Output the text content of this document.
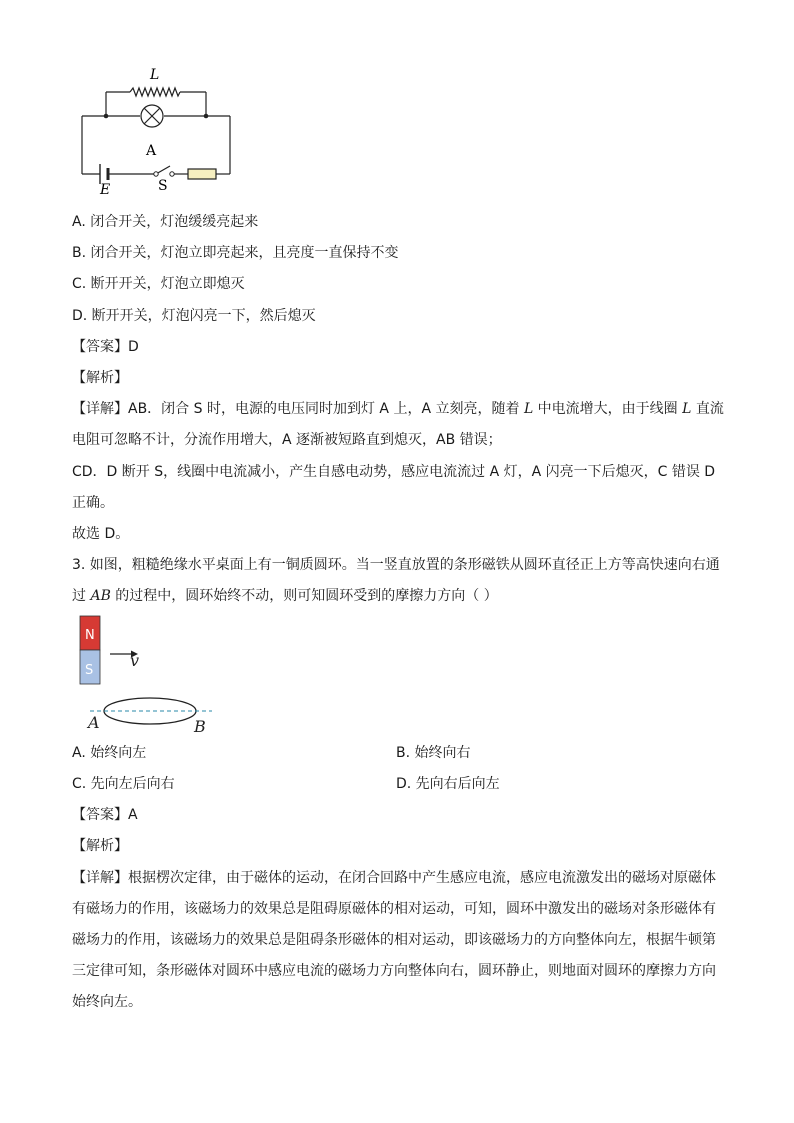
L
A
E	S
A. 闭合开关，灯泡缓缓亮起来
B. 闭合开关，灯泡立即亮起来，且亮度一直保持不变
C. 断开开关，灯泡立即熄灭
D. 断开开关，灯泡闪亮一下，然后熄灭
【答案】D
【解析】
【详解】AB．闭合 S 时，电源的电压同时加到灯 A 上，A 立刻亮，随着 L 中电流增大，由于线圈 L 直流
电阻可忽略不计，分流作用增大，A 逐渐被短路直到熄灭，AB 错误；
CD．D 断开 S，线圈中电流减小，产生自感电动势，感应电流流过 A 灯，A 闪亮一下后熄灭，C 错误 D
正确。
故选 D。
3. 如图，粗糙绝缘水平桌面上有一铜质圆环。当一竖直放置的条形磁铁从圆环直径正上方等高快速向右通
过 AB 的过程中，圆环始终不动，则可知圆环受到的摩擦力方向（ ）
N
S
v
A	B
A. 始终向左	B. 始终向右
C. 先向左后向右	D. 先向右后向左
【答案】A
【解析】
【详解】根据楞次定律，由于磁体的运动，在闭合回路中产生感应电流，感应电流激发出的磁场对原磁体
有磁场力的作用，该磁场力的效果总是阻碍原磁体的相对运动，可知，圆环中激发出的磁场对条形磁体有
磁场力的作用，该磁场力的效果总是阻碍条形磁体的相对运动，即该磁场力的方向整体向左，根据牛顿第
三定律可知，条形磁体对圆环中感应电流的磁场力方向整体向右，圆环静止，则地面对圆环的摩擦力方向
始终向左。
